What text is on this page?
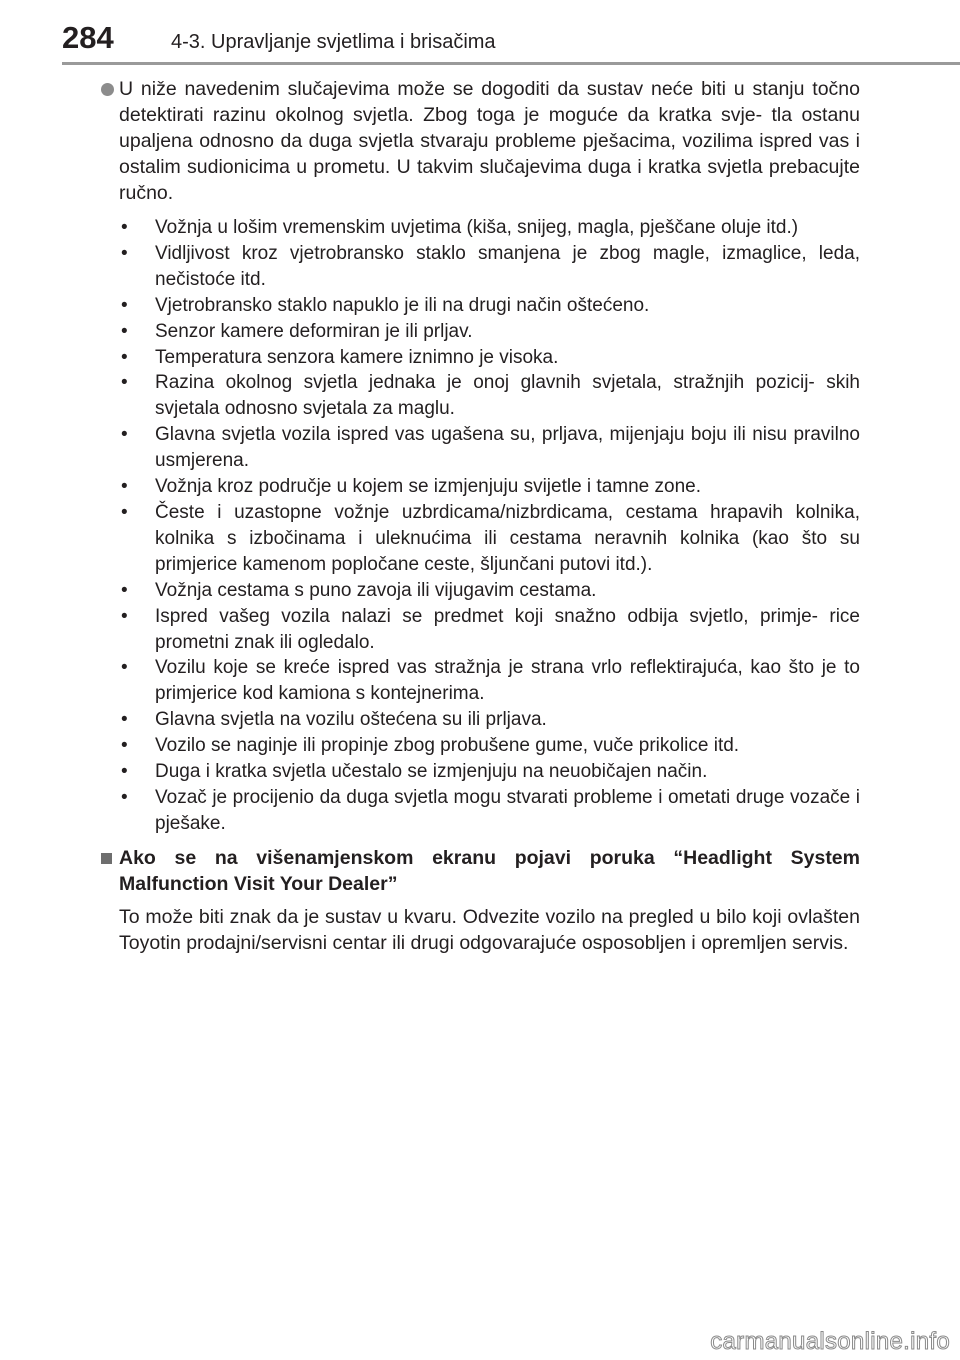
284	4-3. Upravljanje svjetlima i brisačima
U niže navedenim slučajevima može se dogoditi da sustav neće biti u stanju točno detektirati razinu okolnog svjetla. Zbog toga je moguće da kratka svje- tla ostanu upaljena odnosno da duga svjetla stvaraju probleme pješacima, vozilima ispred vas i ostalim sudionicima u prometu. U takvim slučajevima duga i kratka svjetla prebacujte ručno.
• Vožnja u lošim vremenskim uvjetima (kiša, snijeg, magla, pješčane oluje itd.)
• Vidljivost kroz vjetrobransko staklo smanjena je zbog magle, izmaglice, leda, nečistoće itd.
• Vjetrobransko staklo napuklo je ili na drugi način oštećeno.
• Senzor kamere deformiran je ili prljav.
• Temperatura senzora kamere iznimno je visoka.
• Razina okolnog svjetla jednaka je onoj glavnih svjetala, stražnjih pozicij- skih svjetala odnosno svjetala za maglu.
• Glavna svjetla vozila ispred vas ugašena su, prljava, mijenjaju boju ili nisu pravilno usmjerena.
• Vožnja kroz područje u kojem se izmjenjuju svijetle i tamne zone.
• Česte i uzastopne vožnje uzbrdicama/nizbrdicama, cestama hrapavih kolnika, kolnika s izbočinama i uleknućima ili cestama neravnih kolnika (kao što su primjerice kamenom popločane ceste, šljunčani putovi itd.).
• Vožnja cestama s puno zavoja ili vijugavim cestama.
• Ispred vašeg vozila nalazi se predmet koji snažno odbija svjetlo, primje- rice prometni znak ili ogledalo.
• Vozilu koje se kreće ispred vas stražnja je strana vrlo reflektirajuća, kao što je to primjerice kod kamiona s kontejnerima.
• Glavna svjetla na vozilu oštećena su ili prljava.
• Vozilo se naginje ili propinje zbog probušene gume, vuče prikolice itd.
• Duga i kratka svjetla učestalo se izmjenjuju na neuobičajen način.
• Vozač je procijenio da duga svjetla mogu stvarati probleme i ometati druge vozače i pješake.
Ako se na višenamjenskom ekranu pojavi poruka “Headlight System Malfunction Visit Your Dealer”
To može biti znak da je sustav u kvaru. Odvezite vozilo na pregled u bilo koji ovlašten Toyotin prodajni/servisni centar ili drugi odgovarajuće osposobljen i opremljen servis.
carmanualsonline.info
